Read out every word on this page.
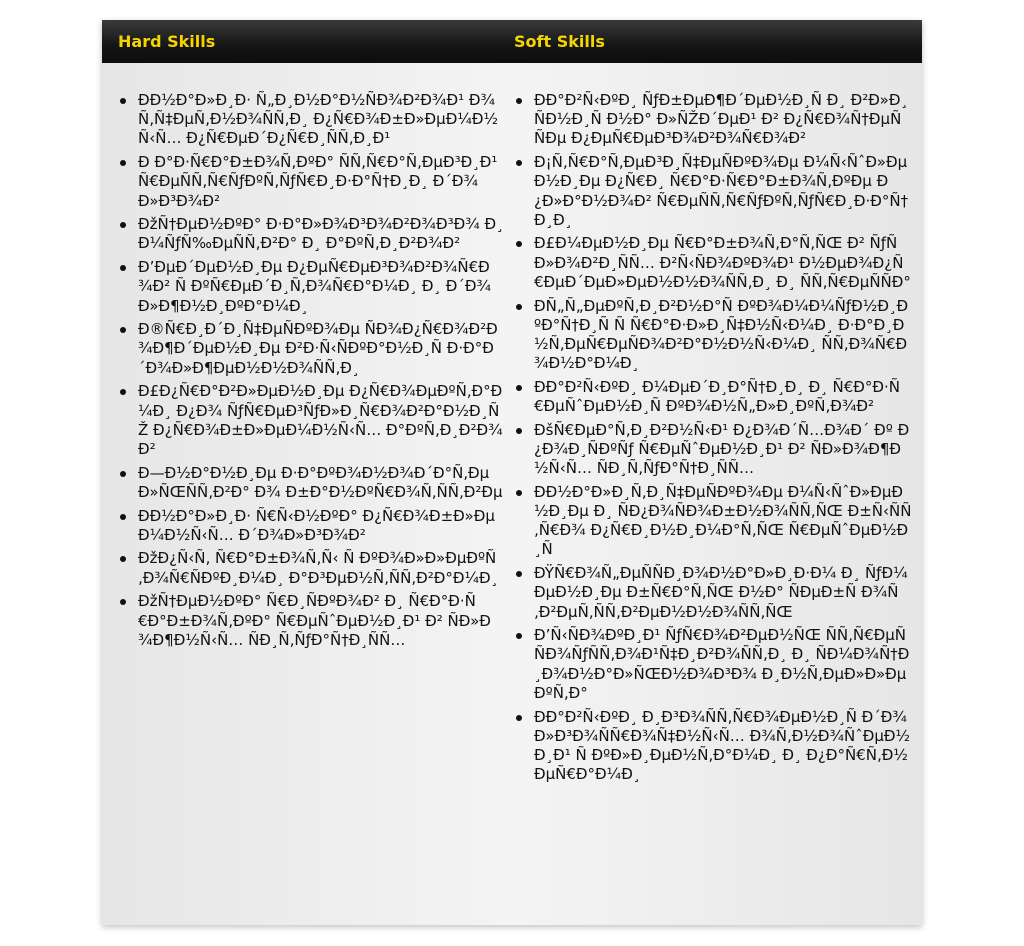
Hard Skills	Soft Skills
ÐÐ½Ð°Ð»Ð¸Ð· Ñ„Ð¸Ð½Ð°Ð½ÑÐ¾Ð²Ð¾Ð¹ Ð¾Ñ‚Ñ‡ÐµÑ‚Ð½Ð¾ÑÑ‚Ð¸ Ð¿Ñ€Ð¾Ð±Ð»ÐµÐ¼Ð½Ñ‹Ñ… Ð¿Ñ€ÐµÐ´Ð¿Ñ€Ð¸ÑÑ‚Ð¸Ð¹
Ð Ð°Ð·Ñ€Ð°Ð±Ð¾Ñ‚ÐºÐ° ÑÑ‚Ñ€Ð°Ñ‚ÐµÐ³Ð¸Ð¹ Ñ€ÐµÑÑ‚Ñ€ÑƒÐºÑ‚ÑƒÑ€Ð¸Ð·Ð°Ñ†Ð¸Ð¸ Ð´Ð¾Ð»Ð³Ð¾Ð²
ÐžÑ†ÐµÐ½ÐºÐ° Ð·Ð°Ð»Ð¾Ð³Ð¾Ð²Ð¾Ð³Ð¾ Ð¸Ð¼ÑƒÑ‰ÐµÑÑ‚Ð²Ð° Ð¸ Ð°ÐºÑ‚Ð¸Ð²Ð¾Ð²
Ð’ÐµÐ´ÐµÐ½Ð¸Ðµ Ð¿ÐµÑ€ÐµÐ³Ð¾Ð²Ð¾Ñ€Ð¾Ð² Ñ ÐºÑ€ÐµÐ´Ð¸Ñ‚Ð¾Ñ€Ð°Ð¼Ð¸ Ð¸ Ð´Ð¾Ð»Ð¶Ð½Ð¸ÐºÐ°Ð¼Ð¸
Ð®Ñ€Ð¸Ð´Ð¸Ñ‡ÐµÑÐºÐ¾Ðµ ÑÐ¾Ð¿Ñ€Ð¾Ð²Ð¾Ð¶Ð´ÐµÐ½Ð¸Ðµ Ð²Ð·Ñ‹ÑÐºÐ°Ð½Ð¸Ñ Ð·Ð°Ð´Ð¾Ð»Ð¶ÐµÐ½Ð½Ð¾ÑÑ‚Ð¸
Ð£Ð¿Ñ€Ð°Ð²Ð»ÐµÐ½Ð¸Ðµ Ð¿Ñ€Ð¾ÐµÐºÑ‚Ð°Ð¼Ð¸ Ð¿Ð¾ ÑƒÑ€ÐµÐ³ÑƒÐ»Ð¸Ñ€Ð¾Ð²Ð°Ð½Ð¸ÑŽ Ð¿Ñ€Ð¾Ð±Ð»ÐµÐ¼Ð½Ñ‹Ñ… Ð°ÐºÑ‚Ð¸Ð²Ð¾Ð²
Ð—Ð½Ð°Ð½Ð¸Ðµ Ð·Ð°ÐºÐ¾Ð½Ð¾Ð´Ð°Ñ‚ÐµÐ»ÑŒÑÑ‚Ð²Ð° Ð¾ Ð±Ð°Ð½ÐºÑ€Ð¾Ñ‚ÑÑ‚Ð²Ðµ
ÐÐ½Ð°Ð»Ð¸Ð· Ñ€Ñ‹Ð½ÐºÐ° Ð¿Ñ€Ð¾Ð±Ð»ÐµÐ¼Ð½Ñ‹Ñ… Ð´Ð¾Ð»Ð³Ð¾Ð²
ÐžÐ¿Ñ‹Ñ‚ Ñ€Ð°Ð±Ð¾Ñ‚Ñ‹ Ñ ÐºÐ¾Ð»Ð»ÐµÐºÑ‚Ð¾Ñ€ÑÐºÐ¸Ð¼Ð¸ Ð°Ð³ÐµÐ½Ñ‚ÑÑ‚Ð²Ð°Ð¼Ð¸
ÐžÑ†ÐµÐ½ÐºÐ° Ñ€Ð¸ÑÐºÐ¾Ð² Ð¸ Ñ€Ð°Ð·Ñ€Ð°Ð±Ð¾Ñ‚ÐºÐ° Ñ€ÐµÑˆÐµÐ½Ð¸Ð¹ Ð² ÑÐ»Ð¾Ð¶Ð½Ñ‹Ñ… ÑÐ¸Ñ‚ÑƒÐ°Ñ†Ð¸ÑÑ…
ÐÐ°Ð²Ñ‹ÐºÐ¸ ÑƒÐ±ÐµÐ¶Ð´ÐµÐ½Ð¸Ñ Ð¸ Ð²Ð»Ð¸ÑÐ½Ð¸Ñ Ð½Ð° Ð»ÑŽÐ´ÐµÐ¹ Ð² Ð¿Ñ€Ð¾Ñ†ÐµÑÑÐµ Ð¿ÐµÑ€ÐµÐ³Ð¾Ð²Ð¾Ñ€Ð¾Ð²
Ð¡Ñ‚Ñ€Ð°Ñ‚ÐµÐ³Ð¸Ñ‡ÐµÑÐºÐ¾Ðµ Ð¼Ñ‹ÑˆÐ»ÐµÐ½Ð¸Ðµ Ð¿Ñ€Ð¸ Ñ€Ð°Ð·Ñ€Ð°Ð±Ð¾Ñ‚ÐºÐµ Ð¿Ð»Ð°Ð½Ð¾Ð² Ñ€ÐµÑÑ‚Ñ€ÑƒÐºÑ‚ÑƒÑ€Ð¸Ð·Ð°Ñ†Ð¸Ð¸
Ð£Ð¼ÐµÐ½Ð¸Ðµ Ñ€Ð°Ð±Ð¾Ñ‚Ð°Ñ‚ÑŒ Ð² ÑƒÑÐ»Ð¾Ð²Ð¸ÑÑ… Ð²Ñ‹ÑÐ¾ÐºÐ¾Ð¹ Ð½ÐµÐ¾Ð¿Ñ€ÐµÐ´ÐµÐ»ÐµÐ½Ð½Ð¾ÑÑ‚Ð¸ Ð¸ ÑÑ‚Ñ€ÐµÑÑÐ°
ÐÑ„Ñ„ÐµÐºÑ‚Ð¸Ð²Ð½Ð°Ñ ÐºÐ¾Ð¼Ð¼ÑƒÐ½Ð¸ÐºÐ°Ñ†Ð¸Ñ Ñ Ñ€Ð°Ð·Ð»Ð¸Ñ‡Ð½Ñ‹Ð¼Ð¸ Ð·Ð°Ð¸Ð½Ñ‚ÐµÑ€ÐµÑÐ¾Ð²Ð°Ð½Ð½Ñ‹Ð¼Ð¸ ÑÑ‚Ð¾Ñ€Ð¾Ð½Ð°Ð¼Ð¸
ÐÐ°Ð²Ñ‹ÐºÐ¸ Ð¼ÐµÐ´Ð¸Ð°Ñ†Ð¸Ð¸ Ð¸ Ñ€Ð°Ð·Ñ€ÐµÑˆÐµÐ½Ð¸Ñ ÐºÐ¾Ð½Ñ„Ð»Ð¸ÐºÑ‚Ð¾Ð²
ÐšÑ€ÐµÐ°Ñ‚Ð¸Ð²Ð½Ñ‹Ð¹ Ð¿Ð¾Ð´Ñ…Ð¾Ð´ Ðº Ð¿Ð¾Ð¸ÑÐºÑƒ Ñ€ÐµÑˆÐµÐ½Ð¸Ð¹ Ð² ÑÐ»Ð¾Ð¶Ð½Ñ‹Ñ… ÑÐ¸Ñ‚ÑƒÐ°Ñ†Ð¸ÑÑ…
ÐÐ½Ð°Ð»Ð¸Ñ‚Ð¸Ñ‡ÐµÑÐºÐ¾Ðµ Ð¼Ñ‹ÑˆÐ»ÐµÐ½Ð¸Ðµ Ð¸ ÑÐ¿Ð¾ÑÐ¾Ð±Ð½Ð¾ÑÑ‚ÑŒ Ð±Ñ‹ÑÑ‚Ñ€Ð¾ Ð¿Ñ€Ð¸Ð½Ð¸Ð¼Ð°Ñ‚ÑŒ Ñ€ÐµÑˆÐµÐ½Ð¸Ñ
ÐŸÑ€Ð¾Ñ„ÐµÑÑÐ¸Ð¾Ð½Ð°Ð»Ð¸Ð·Ð¼ Ð¸ ÑƒÐ¼ÐµÐ½Ð¸Ðµ Ð±Ñ€Ð°Ñ‚ÑŒ Ð½Ð° ÑÐµÐ±Ñ Ð¾Ñ‚Ð²ÐµÑ‚ÑÑ‚Ð²ÐµÐ½Ð½Ð¾ÑÑ‚ÑŒ
Ð’Ñ‹ÑÐ¾ÐºÐ¸Ð¹ ÑƒÑ€Ð¾Ð²ÐµÐ½ÑŒ ÑÑ‚Ñ€ÐµÑÑÐ¾ÑƒÑÑ‚Ð¾Ð¹Ñ‡Ð¸Ð²Ð¾ÑÑ‚Ð¸ Ð¸ ÑÐ¼Ð¾Ñ†Ð¸Ð¾Ð½Ð°Ð»ÑŒÐ½Ð¾Ð³Ð¾ Ð¸Ð½Ñ‚ÐµÐ»Ð»ÐµÐºÑ‚Ð°
ÐÐ°Ð²Ñ‹ÐºÐ¸ Ð¸Ð³Ð¾ÑÑ‚Ñ€Ð¾ÐµÐ½Ð¸Ñ Ð´Ð¾Ð»Ð³Ð¾ÑÑ€Ð¾Ñ‡Ð½Ñ‹Ñ… Ð¾Ñ‚Ð½Ð¾ÑˆÐµÐ½Ð¸Ð¹ Ñ ÐºÐ»Ð¸ÐµÐ½Ñ‚Ð°Ð¼Ð¸ Ð¸ Ð¿Ð°Ñ€Ñ‚Ð½ÐµÑ€Ð°Ð¼Ð¸
